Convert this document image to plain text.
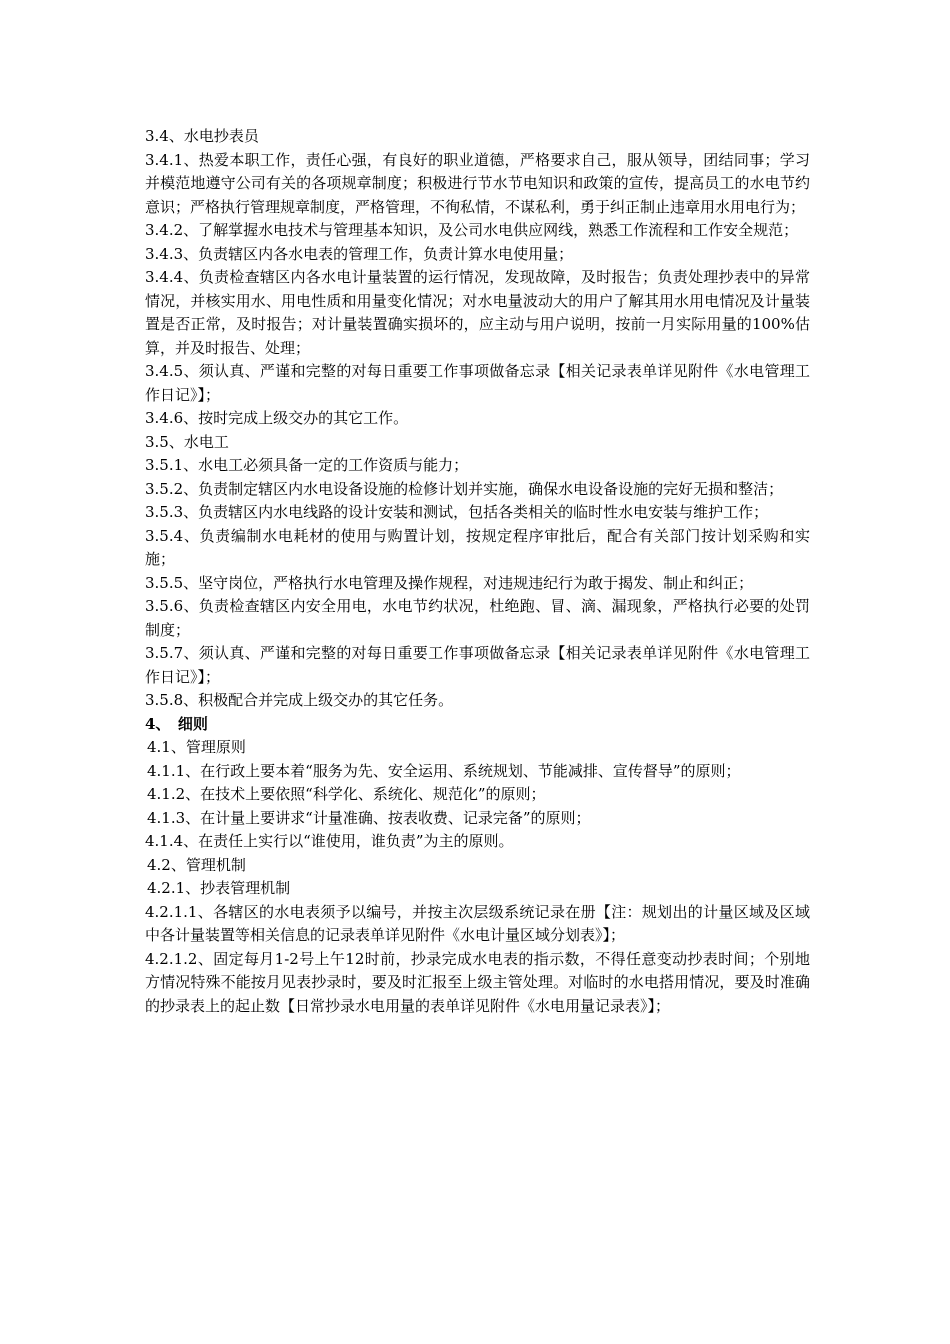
3.4、水电抄表员

3.4.1、热爱本职工作，责任心强，有良好的职业道德，严格要求自己，服从领导，团结同事；学习并模范地遵守公司有关的各项规章制度；积极进行节水节电知识和政策的宣传，提高员工的水电节约意识；严格执行管理规章制度，严格管理，不徇私情，不谋私利，勇于纠正制止违章用水用电行为；

3.4.2、了解掌握水电技术与管理基本知识，及公司水电供应网线，熟悉工作流程和工作安全规范；

3.4.3、负责辖区内各水电表的管理工作，负责计算水电使用量；

3.4.4、负责检查辖区内各水电计量装置的运行情况，发现故障，及时报告；负责处理抄表中的异常情况，并核实用水、用电性质和用量变化情况；对水电量波动大的用户了解其用水用电情况及计量装置是否正常，及时报告；对计量装置确实损坏的，应主动与用户说明，按前一月实际用量的100%估算，并及时报告、处理；

3.4.5、须认真、严谨和完整的对每日重要工作事项做备忘录【相关记录表单详见附件《水电管理工作日记》】；

3.4.6、按时完成上级交办的其它工作。

3.5、水电工

3.5.1、水电工必须具备一定的工作资质与能力；

3.5.2、负责制定辖区内水电设备设施的检修计划并实施，确保水电设备设施的完好无损和整洁；

3.5.3、负责辖区内水电线路的设计安装和测试，包括各类相关的临时性水电安装与维护工作；

3.5.4、负责编制水电耗材的使用与购置计划，按规定程序审批后，配合有关部门按计划采购和实施；

3.5.5、坚守岗位，严格执行水电管理及操作规程，对违规违纪行为敢于揭发、制止和纠正；

3.5.6、负责检查辖区内安全用电，水电节约状况，杜绝跑、冒、滴、漏现象，严格执行必要的处罚制度；

3.5.7、须认真、严谨和完整的对每日重要工作事项做备忘录【相关记录表单详见附件《水电管理工作日记》】；

3.5.8、积极配合并完成上级交办的其它任务。

4、　细则

4.1、管理原则

4.1.1、在行政上要本着“服务为先、安全运用、系统规划、节能减排、宣传督导”的原则；

4.1.2、在技术上要依照“科学化、系统化、规范化”的原则；

4.1.3、在计量上要讲求“计量准确、按表收费、记录完备”的原则；

4.1.4、在责任上实行以“谁使用，谁负责”为主的原则。

4.2、管理机制

4.2.1、抄表管理机制

4.2.1.1、各辖区的水电表须予以编号，并按主次层级系统记录在册【注：规划出的计量区域及区域中各计量装置等相关信息的记录表单详见附件《水电计量区域分划表》】；

4.2.1.2、固定每月1-2号上午12时前，抄录完成水电表的指示数，不得任意变动抄表时间；个别地方情况特殊不能按月见表抄录时，要及时汇报至上级主管处理。对临时的水电搭用情况，要及时准确的抄录表上的起止数【日常抄录水电用量的表单详见附件《水电用量记录表》】；
